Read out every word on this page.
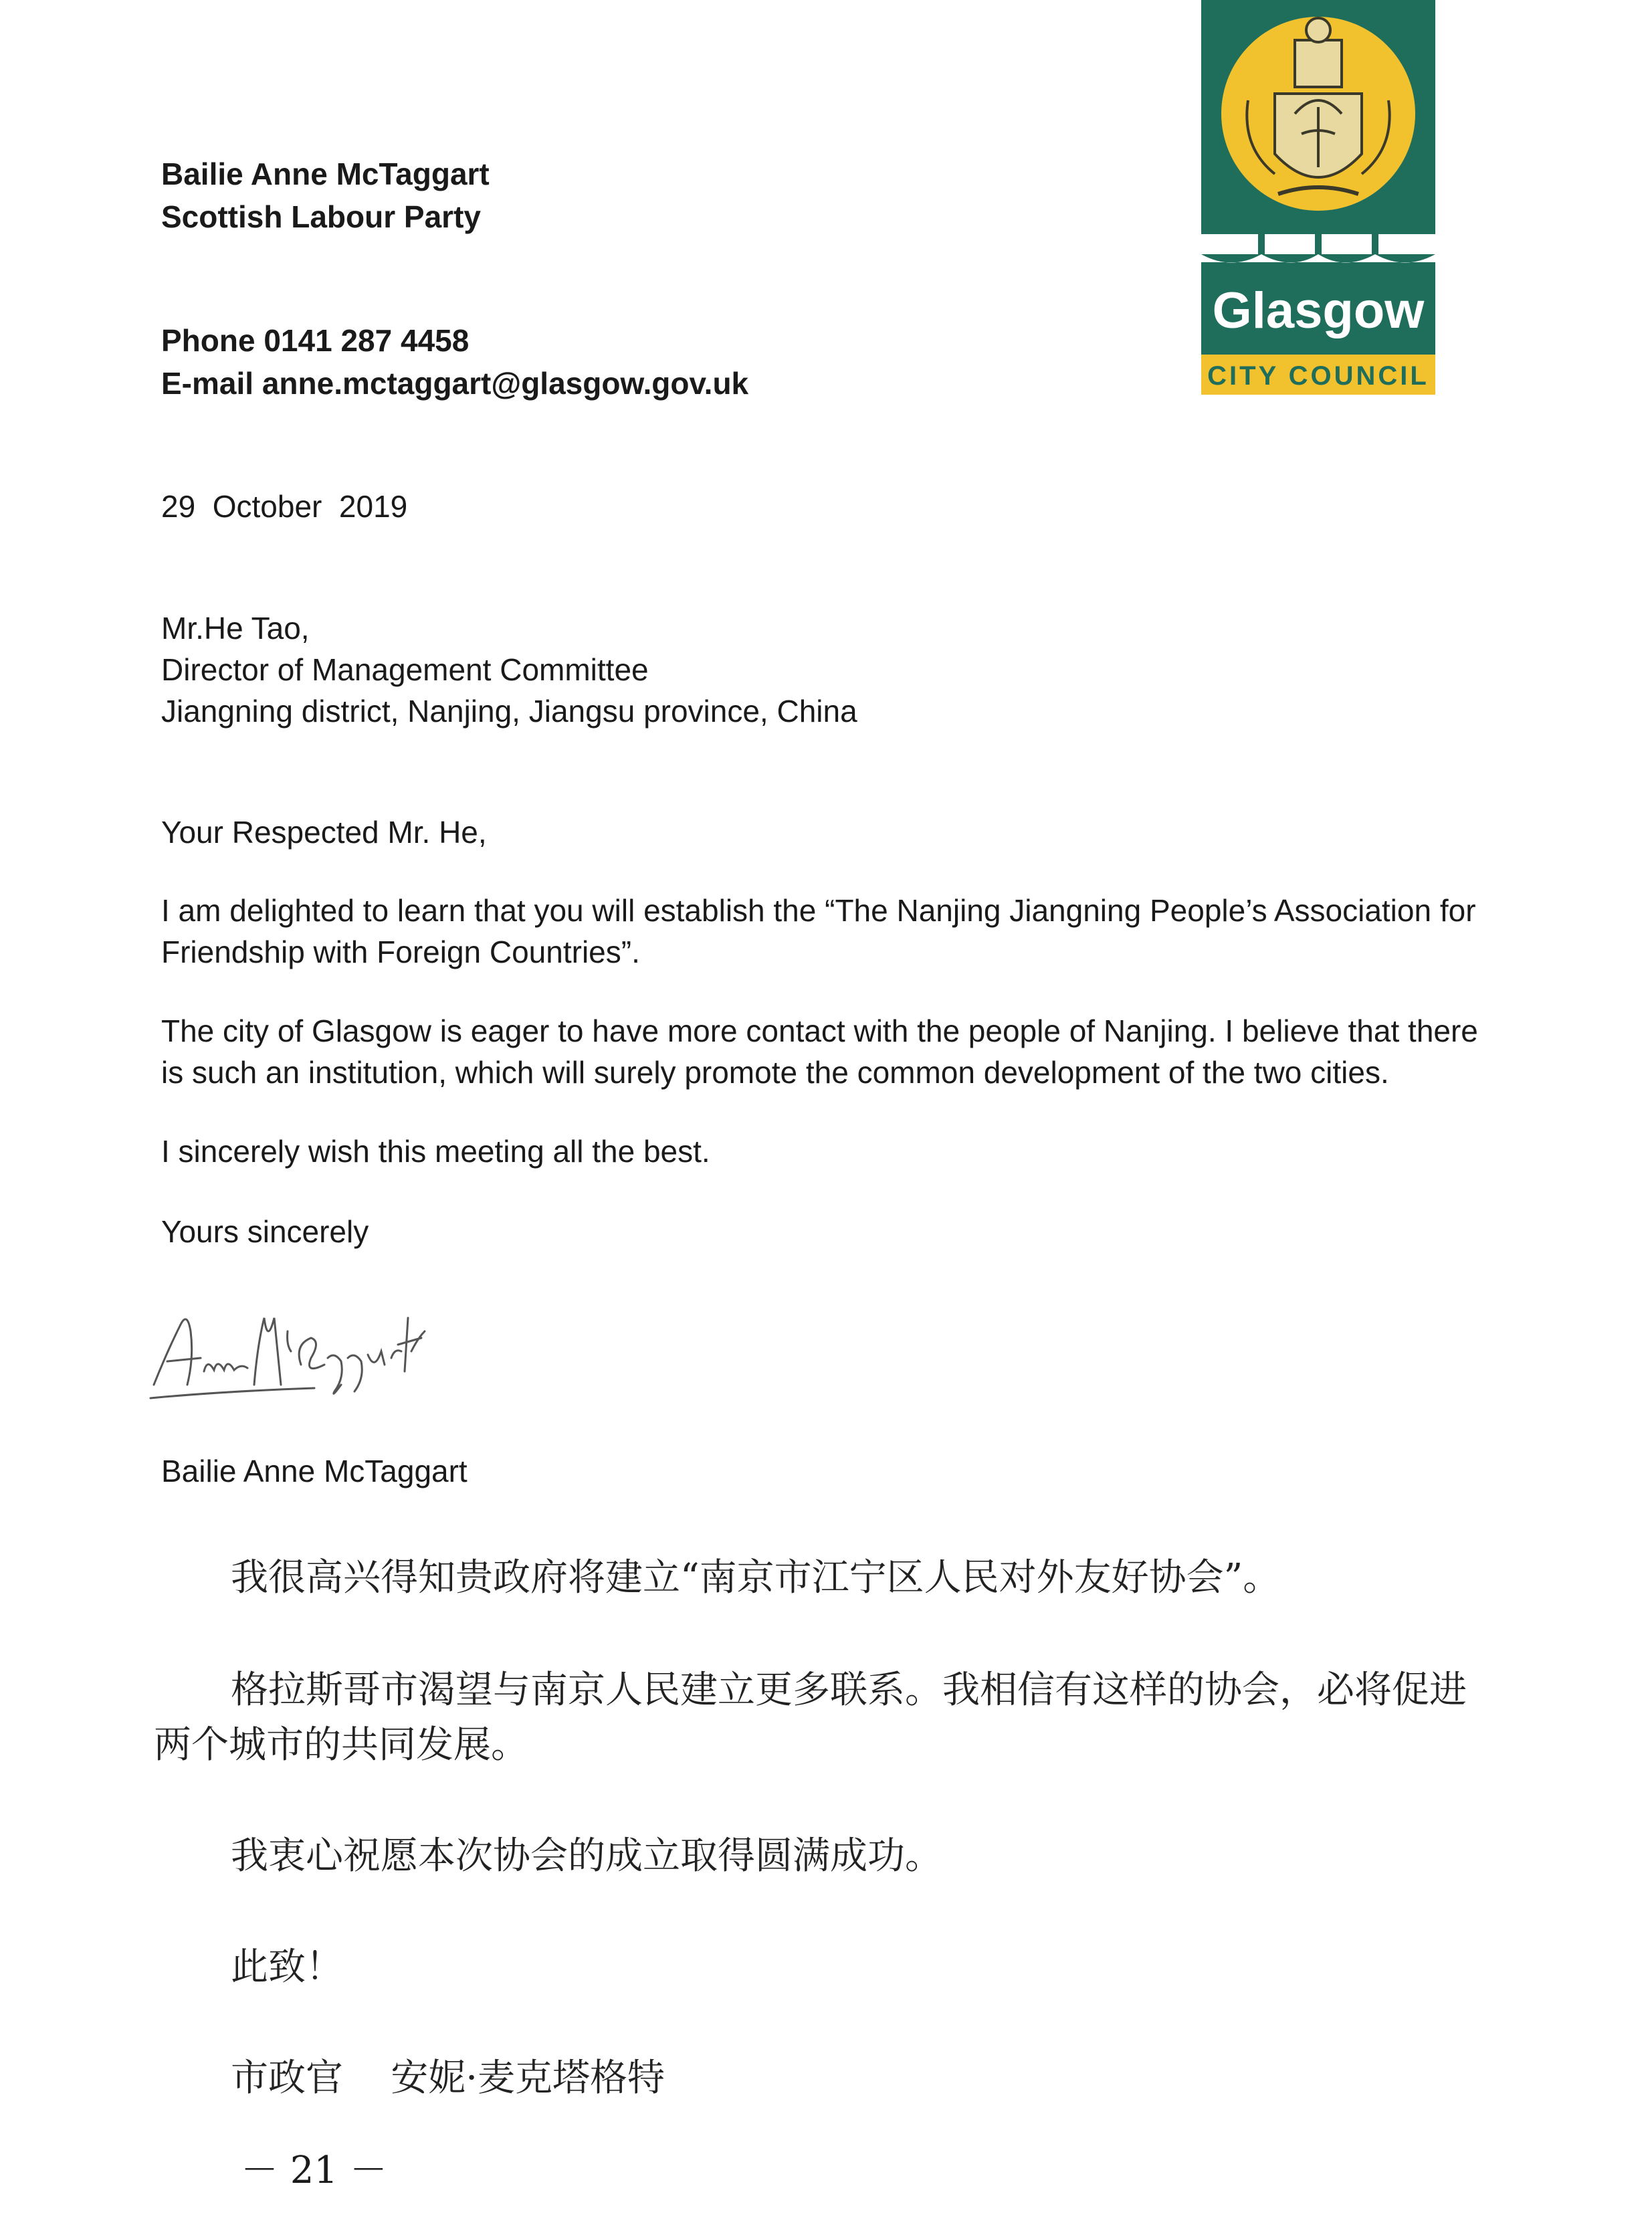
Glasgow
CITY COUNCIL
Bailie Anne McTaggart
Scottish Labour Party
Phone 0141 287 4458
E-mail anne.mctaggart@glasgow.gov.uk
29  October  2019
Mr.He Tao,
Director of Management Committee
Jiangning district, Nanjing, Jiangsu province, China
Your Respected Mr. He,
I am delighted to learn that you will establish the “The Nanjing Jiangning People’s Association for
Friendship with Foreign Countries”.
The city of Glasgow is eager to have more contact with the people of Nanjing. I believe that there
is such an institution, which will surely promote the common development of the two cities.
I sincerely wish this meeting all the best.
Yours sincerely
Bailie Anne McTaggart
我很高兴得知贵政府将建立“南京市江宁区人民对外友好协会”。
格拉斯哥市渴望与南京人民建立更多联系。我相信有这样的协会，必将促进
两个城市的共同发展。
我衷心祝愿本次协会的成立取得圆满成功。
此致！
市政官    安妮·麦克塔格特
－ 21 －
